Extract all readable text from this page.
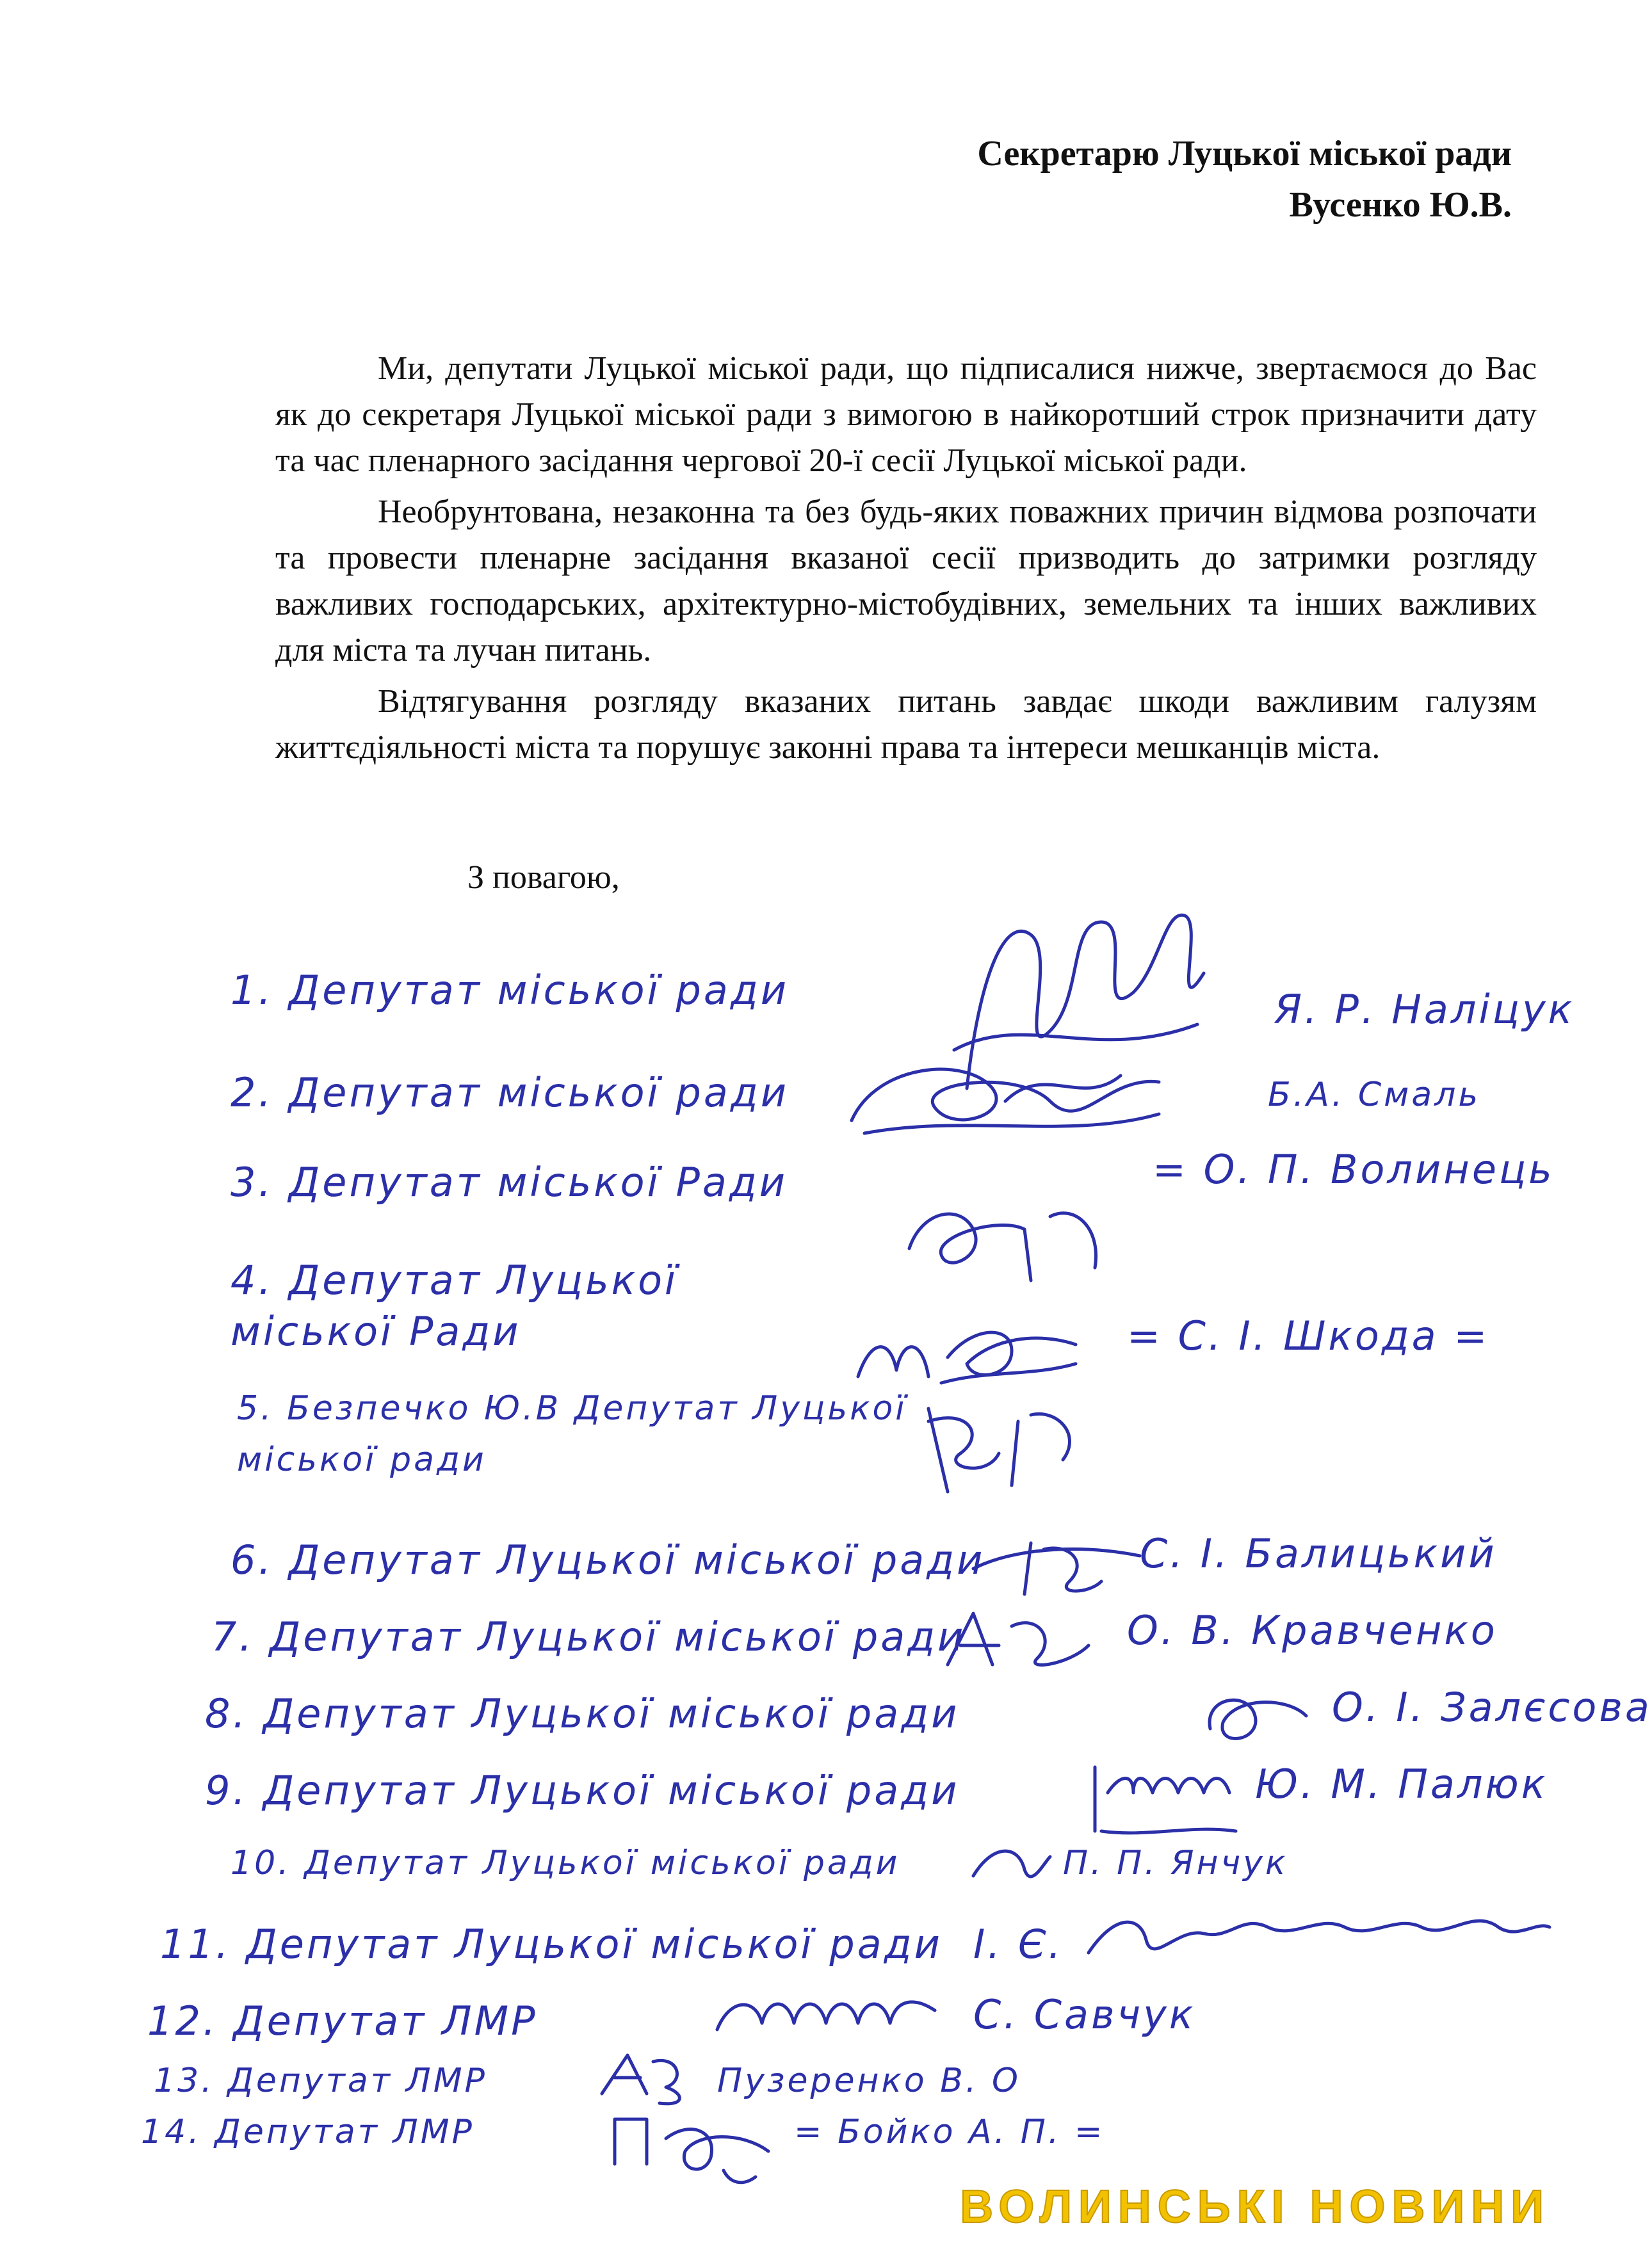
Секретарю Луцької міської ради
Вусенко Ю.В.

Ми, депутати Луцької міської ради, що підписалися нижче, звертаємося до Вас як до секретаря Луцької міської ради з вимогою в найкоротший строк призначити дату та час пленарного засідання чергової 20-ї сесії Луцької міської ради.

Необрунтована, незаконна та без будь-яких поважних причин відмова розпочати та провести пленарне засідання вказаної сесії призводить до затримки розгляду важливих господарських, архітектурно-містобудівних, земельних та інших важливих для міста та лучан питань.

Відтягування розгляду вказаних питань завдає шкоди важливим галузям життєдіяльності міста та порушує законні права та інтереси мешканців міста.

З повагою,
1. Депутат міської ради	Я. Р. Наліцук
2. Депутат міської ради	Б.А. Смаль
3. Депутат міської Ради	= О. П. Волинець
4. Депутат Луцької міської Ради	= С. І. Шкода =
5. Безпечко Ю.В Депутат Луцької міської ради
6. Депутат Луцької міської ради	С. І. Балицький
7. Депутат Луцької міської ради	О. В. Кравченко
8. Депутат Луцької міської ради	О. І. Залєсова
9. Депутат Луцької міської ради	Ю. М. Палюк
10. Депутат Луцької міської ради	П. П. Янчук
11. Депутат Луцької міської ради І. Є.
12. Депутат ЛМР	С. Савчук
13. Депутат ЛМР	Пузеренко В. О
14. Депутат ЛМР	= Бойко А. П. =
ВОЛИНСЬКІ НОВИНИ
